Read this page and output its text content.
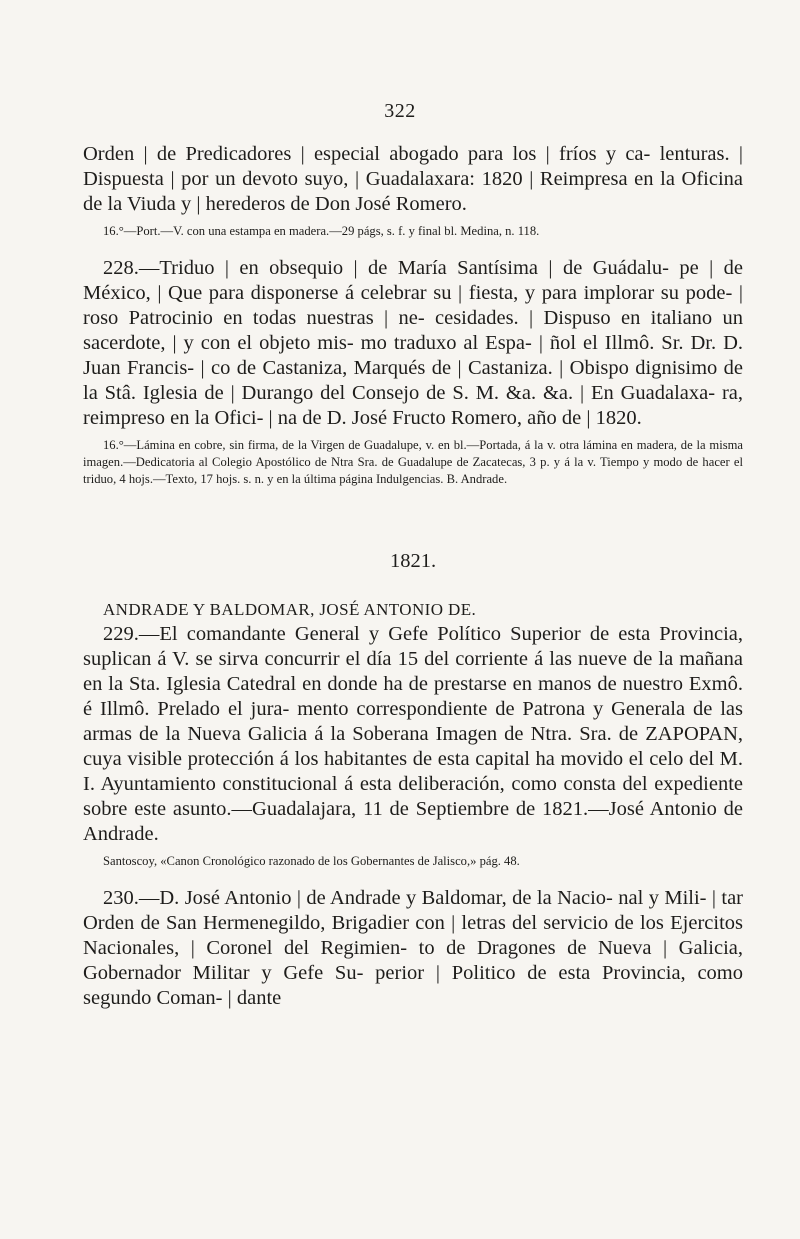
322

Orden | de Predicadores | especial abogado para los | fríos y ca- lenturas. | Dispuesta | por un devoto suyo, | Guadalaxara: 1820 | Reimpresa en la Oficina de la Viuda y | herederos de Don José Romero.

16.°—Port.—V. con una estampa en madera.—29 págs, s. f. y final bl. Medina, n. 118.

228.—Triduo | en obsequio | de María Santísima | de Guádalu- pe | de México, | Que para disponerse á celebrar su | fiesta, y para implorar su pode- | roso Patrocinio en todas nuestras | ne- cesidades. | Dispuso en italiano un sacerdote, | y con el objeto mis- mo traduxo al Espa- | ñol el Illmô. Sr. Dr. D. Juan Francis- | co de Castaniza, Marqués de | Castaniza. | Obispo dignisimo de la Stâ. Iglesia de | Durango del Consejo de S. M. &a. &a. | En Guadalaxa- ra, reimpreso en la Ofici- | na de D. José Fructo Romero, año de | 1820.

16.°—Lámina en cobre, sin firma, de la Virgen de Guadalupe, v. en bl.—Portada, á la v. otra lámina en madera, de la misma imagen.—Dedicatoria al Colegio Apostólico de Ntra Sra. de Guadalupe de Zacatecas, 3 p. y á la v. Tiempo y modo de hacer el triduo, 4 hojs.—Texto, 17 hojs. s. n. y en la última página Indulgencias. B. Andrade.

1821.

ANDRADE Y BALDOMAR, JOSÉ ANTONIO DE.

229.—El comandante General y Gefe Político Superior de esta Provincia, suplican á V. se sirva concurrir el día 15 del corriente á las nueve de la mañana en la Sta. Iglesia Catedral en donde ha de prestarse en manos de nuestro Exmô. é Illmô. Prelado el jura- mento correspondiente de Patrona y Generala de las armas de la Nueva Galicia á la Soberana Imagen de Ntra. Sra. de ZAPOPAN, cuya visible protección á los habitantes de esta capital ha movido el celo del M. I. Ayuntamiento constitucional á esta deliberación, como consta del expediente sobre este asunto.—Guadalajara, 11 de Septiembre de 1821.—José Antonio de Andrade.

Santoscoy, «Canon Cronológico razonado de los Gobernantes de Jalisco,» pág. 48.

230.—D. José Antonio | de Andrade y Baldomar, de la Nacio- nal y Mili- | tar Orden de San Hermenegildo, Brigadier con | letras del servicio de los Ejercitos Nacionales, | Coronel del Regimien- to de Dragones de Nueva | Galicia, Gobernador Militar y Gefe Su- perior | Politico de esta Provincia, como segundo Coman- | dante
